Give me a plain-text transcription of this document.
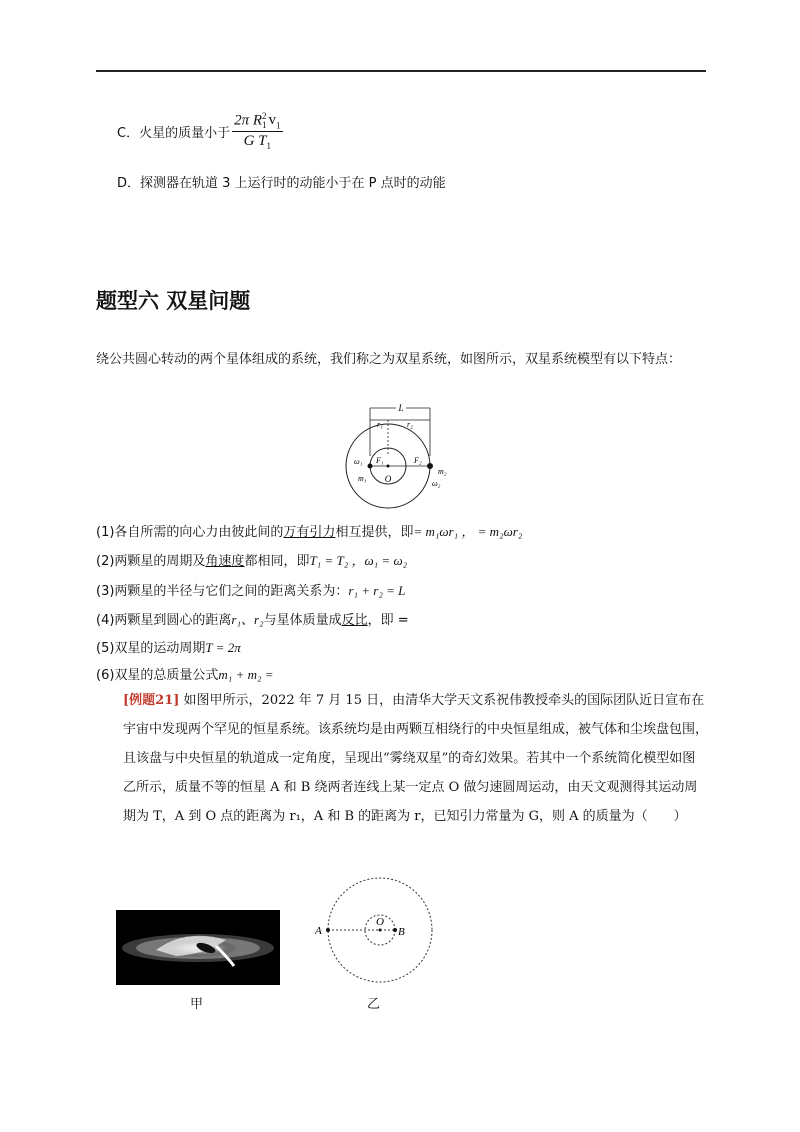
C．火星的质量小于 2π R 2
1 $v_1$
G $T_1$
D．探测器在轨道 3 上运行时的动能小于在 P 点时的动能
题型六 双星问题
绕公共圆心转动的两个星体组成的系统，我们称之为双星系统，如图所示，双星系统模型有以下特点：
L
r₁	r₂
O
F₁	F₂
m₁
m₂
ω₁
ω₂
(1)各自所需的向心力由彼此间的万有引力相互提供，即= m₁ωr₁ ， = m₂ωr₂
(2)两颗星的周期及角速度都相同，即T₁ = T₂ ，ω₁ = ω₂
(3)两颗星的半径与它们之间的距离关系为：r₁ + r₂ = L
(4)两颗星到圆心的距离r₁、r₂与星体质量成反比，即 =
(5)双星的运动周期T = 2π
(6)双星的总质量公式m₁ + m₂ =
[例题21] 如图甲所示，2022 年 7 月 15 日，由清华大学天文系祝伟教授牵头的国际团队近日宣布在宇宙中发现两个罕见的恒星系统。该系统均是由两颗互相绕行的中央恒星组成，被气体和尘埃盘包围，且该盘与中央恒星的轨道成一定角度，呈现出“雾绕双星”的奇幻效果。若其中一个系统简化模型如图乙所示，质量不等的恒星 A 和 B 绕两者连线上某一定点 O 做匀速圆周运动，由天文观测得其运动周期为 T，A 到 O 点的距离为 r₁，A 和 B 的距离为 r，已知引力常量为 G，则 A 的质量为（　　）
甲
A
O
B
乙
